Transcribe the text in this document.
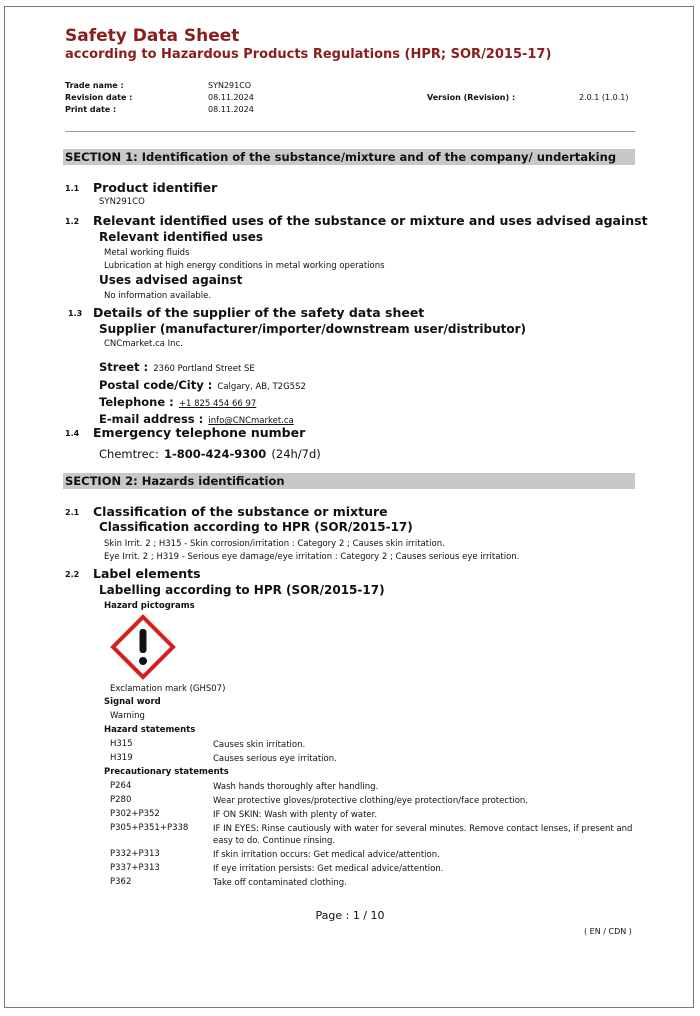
Safety Data Sheet
according to Hazardous Products Regulations (HPR; SOR/2015-17)
Trade name :	SYN291CO
Revision date :	08.11.2024	Version (Revision) :	2.0.1 (1.0.1)
Print date :	08.11.2024
SECTION 1: Identification of the substance/mixture and of the company/ undertaking
1.1 Product identifier
SYN291CO
1.2 Relevant identified uses of the substance or mixture and uses advised against
Relevant identified uses
Metal working fluids
Lubrication at high energy conditions in metal working operations
Uses advised against
No information available.
1.3 Details of the supplier of the safety data sheet
Supplier (manufacturer/importer/downstream user/distributor)
CNCmarket.ca Inc.
Street : 2360 Portland Street SE
Postal code/City : Calgary, AB, T2G5S2
Telephone : +1 825 454 66 97
E-mail address : info@CNCmarket.ca
1.4 Emergency telephone number
Chemtrec: 1-800-424-9300 (24h/7d)
SECTION 2: Hazards identification
2.1 Classification of the substance or mixture
Classification according to HPR (SOR/2015-17)
Skin Irrit. 2 ; H315 - Skin corrosion/irritation : Category 2 ; Causes skin irritation.
Eye Irrit. 2 ; H319 - Serious eye damage/eye irritation : Category 2 ; Causes serious eye irritation.
2.2 Label elements
Labelling according to HPR (SOR/2015-17)
Hazard pictograms
Exclamation mark (GHS07)
Signal word
Warning
Hazard statements
H315	Causes skin irritation.
H319	Causes serious eye irritation.
Precautionary statements
P264	Wash hands thoroughly after handling.
P280	Wear protective gloves/protective clothing/eye protection/face protection.
P302+P352	IF ON SKIN: Wash with plenty of water.
P305+P351+P338	IF IN EYES: Rinse cautiously with water for several minutes. Remove contact lenses, if present and easy to do. Continue rinsing.
P332+P313	If skin irritation occurs: Get medical advice/attention.
P337+P313	If eye irritation persists: Get medical advice/attention.
P362	Take off contaminated clothing.
Page : 1 / 10
( EN / CDN )
